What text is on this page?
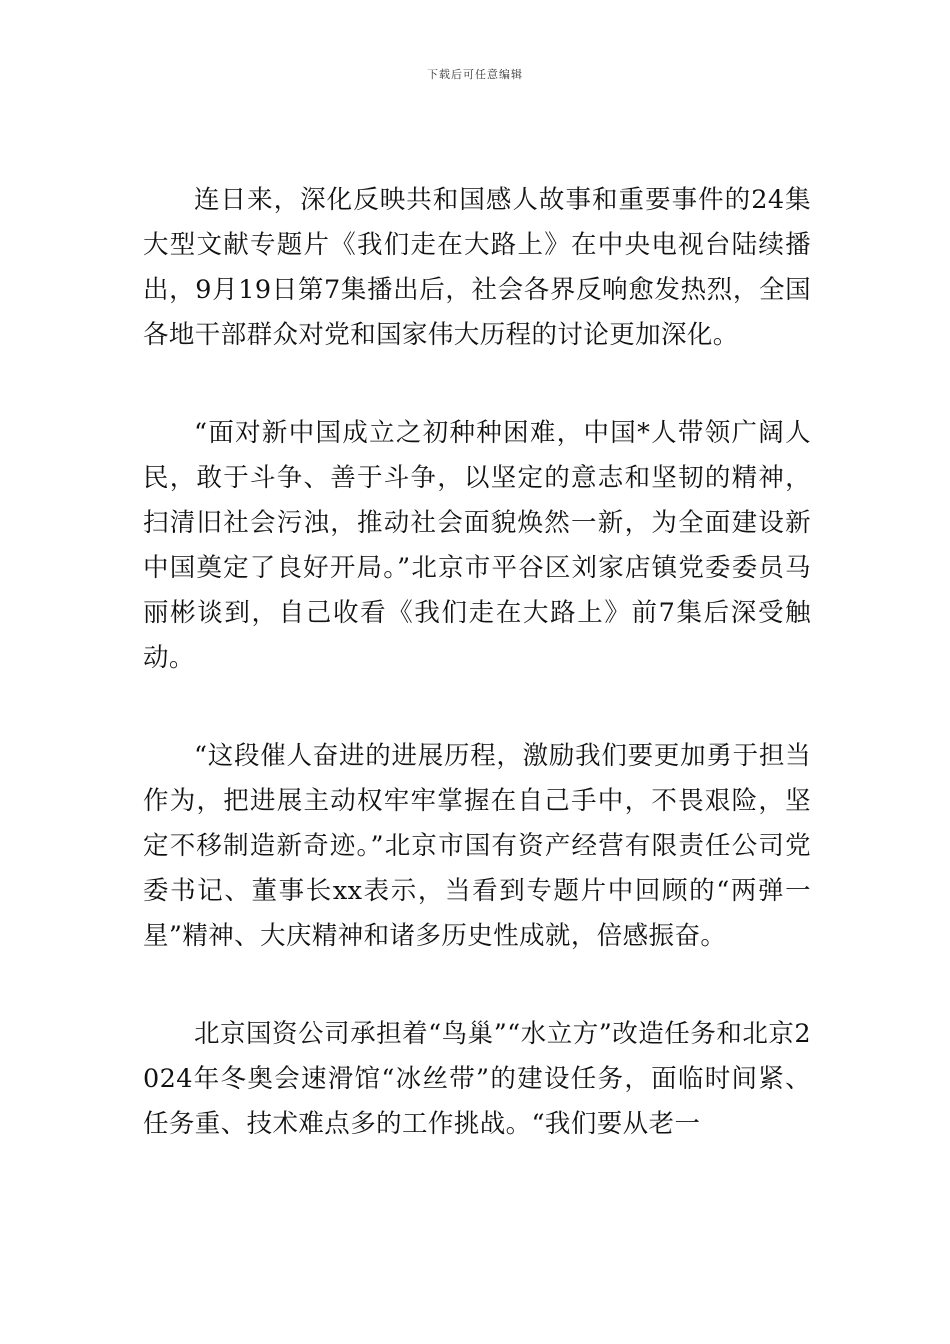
下载后可任意编辑

连日来，深化反映共和国感人故事和重要事件的24集大型文献专题片《我们走在大路上》在中央电视台陆续播出，9月19日第7集播出后，社会各界反响愈发热烈，全国各地干部群众对党和国家伟大历程的讨论更加深化。

“面对新中国成立之初种种困难，中国*人带领广阔人民，敢于斗争、善于斗争，以坚定的意志和坚韧的精神，扫清旧社会污浊，推动社会面貌焕然一新，为全面建设新中国奠定了良好开局。”北京市平谷区刘家店镇党委委员马丽彬谈到，自己收看《我们走在大路上》前7集后深受触动。

“这段催人奋进的进展历程，激励我们要更加勇于担当作为，把进展主动权牢牢掌握在自己手中，不畏艰险，坚定不移制造新奇迹。”北京市国有资产经营有限责任公司党委书记、董事长xx表示，当看到专题片中回顾的“两弹一星”精神、大庆精神和诸多历史性成就，倍感振奋。

北京国资公司承担着“鸟巢”“水立方”改造任务和北京2024年冬奥会速滑馆“冰丝带”的建设任务，面临时间紧、任务重、技术难点多的工作挑战。“我们要从老一
